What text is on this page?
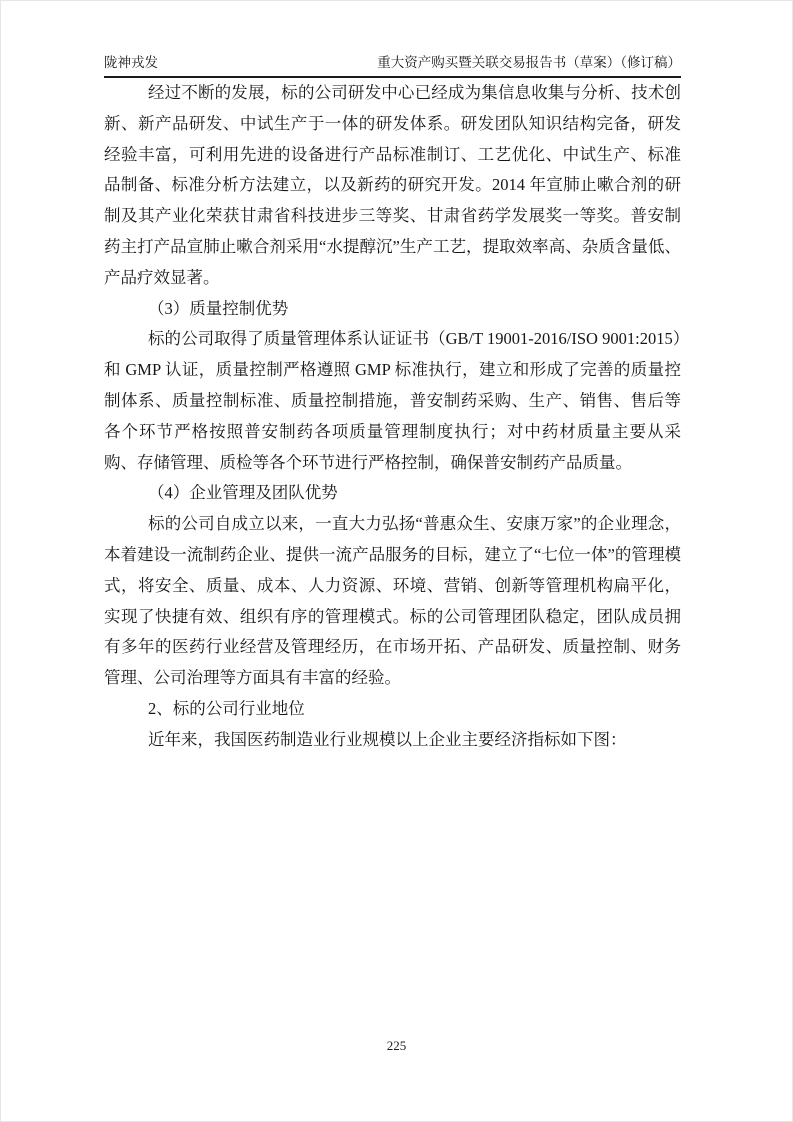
陇神戎发	重大资产购买暨关联交易报告书（草案）（修订稿）

经过不断的发展，标的公司研发中心已经成为集信息收集与分析、技术创新、新产品研发、中试生产于一体的研发体系。研发团队知识结构完备，研发经验丰富，可利用先进的设备进行产品标准制订、工艺优化、中试生产、标准品制备、标准分析方法建立，以及新药的研究开发。2014 年宣肺止嗽合剂的研制及其产业化荣获甘肃省科技进步三等奖、甘肃省药学发展奖一等奖。普安制药主打产品宣肺止嗽合剂采用“水提醇沉”生产工艺，提取效率高、杂质含量低、产品疗效显著。

（3）质量控制优势

标的公司取得了质量管理体系认证证书（GB/T 19001-2016/ISO 9001:2015）和 GMP 认证，质量控制严格遵照 GMP 标准执行，建立和形成了完善的质量控制体系、质量控制标准、质量控制措施，普安制药采购、生产、销售、售后等各个环节严格按照普安制药各项质量管理制度执行；对中药材质量主要从采购、存储管理、质检等各个环节进行严格控制，确保普安制药产品质量。

（4）企业管理及团队优势

标的公司自成立以来，一直大力弘扬“普惠众生、安康万家”的企业理念，本着建设一流制药企业、提供一流产品服务的目标，建立了“七位一体”的管理模式，将安全、质量、成本、人力资源、环境、营销、创新等管理机构扁平化，实现了快捷有效、组织有序的管理模式。标的公司管理团队稳定，团队成员拥有多年的医药行业经营及管理经历，在市场开拓、产品研发、质量控制、财务管理、公司治理等方面具有丰富的经验。

2、标的公司行业地位

近年来，我国医药制造业行业规模以上企业主要经济指标如下图：

225
